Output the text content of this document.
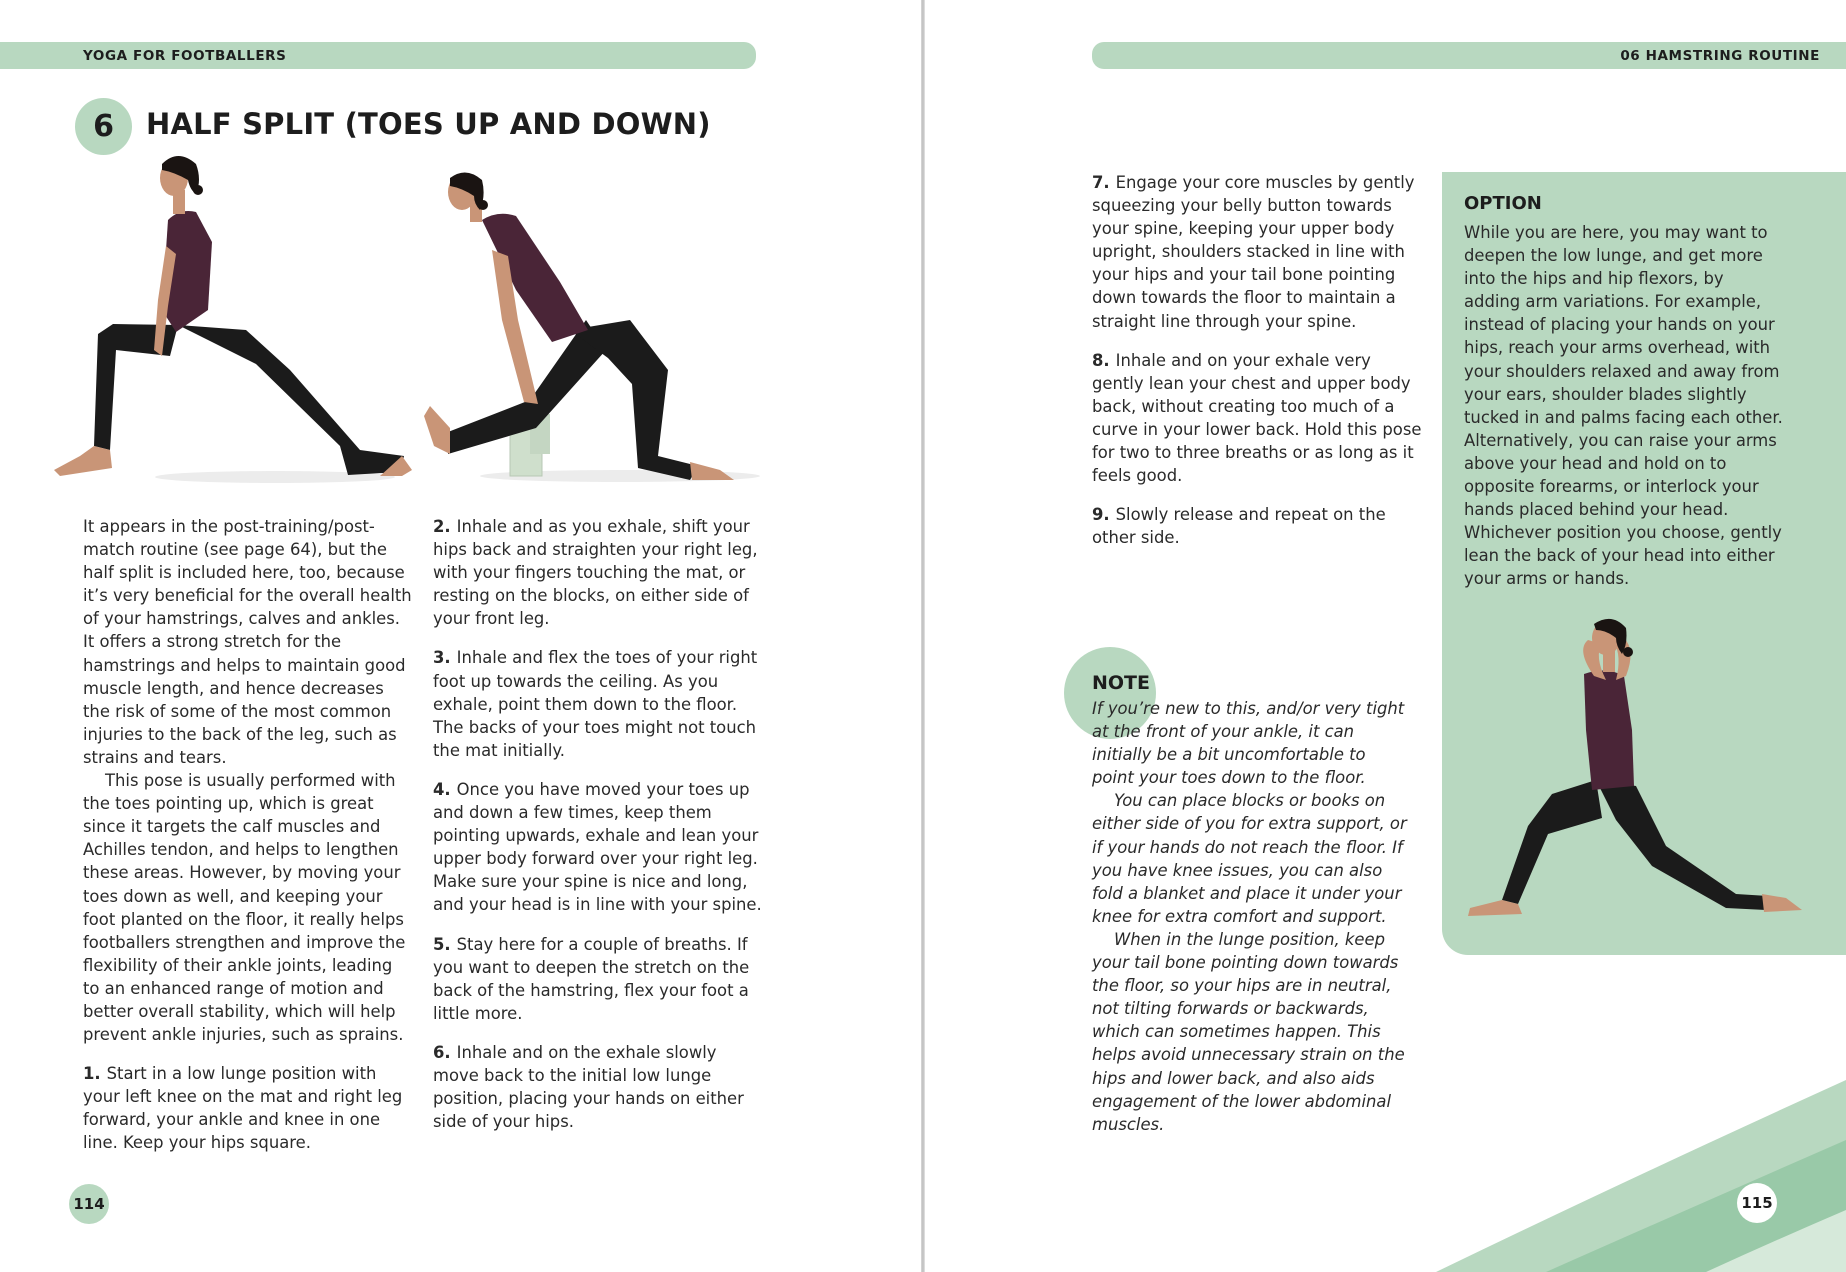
YOGA FOR FOOTBALLERS
6	HALF SPLIT (TOES UP AND DOWN)

It appears in the post-training/post-match routine (see page 64), but the half split is included here, too, because it’s very beneficial for the overall health of your hamstrings, calves and ankles. It offers a strong stretch for the hamstrings and helps to maintain good muscle length, and hence decreases the risk of some of the most common injuries to the back of the leg, such as strains and tears.

This pose is usually performed with the toes pointing up, which is great since it targets the calf muscles and Achilles tendon, and helps to lengthen these areas. However, by moving your toes down as well, and keeping your foot planted on the floor, it really helps footballers strengthen and improve the flexibility of their ankle joints, leading to an enhanced range of motion and better overall stability, which will help prevent ankle injuries, such as sprains.

1. Start in a low lunge position with your left knee on the mat and right leg forward, your ankle and knee in one line. Keep your hips square.

2. Inhale and as you exhale, shift your hips back and straighten your right leg, with your fingers touching the mat, or resting on the blocks, on either side of your front leg.

3. Inhale and flex the toes of your right foot up towards the ceiling. As you exhale, point them down to the floor. The backs of your toes might not touch the mat initially.

4. Once you have moved your toes up and down a few times, keep them pointing upwards, exhale and lean your upper body forward over your right leg. Make sure your spine is nice and long, and your head is in line with your spine.

5. Stay here for a couple of breaths. If you want to deepen the stretch on the back of the hamstring, flex your foot a little more.

6. Inhale and on the exhale slowly move back to the initial low lunge position, placing your hands on either side of your hips.

114
06 HAMSTRING ROUTINE

7. Engage your core muscles by gently squeezing your belly button towards your spine, keeping your upper body upright, shoulders stacked in line with your hips and your tail bone pointing down towards the floor to maintain a straight line through your spine.

8. Inhale and on your exhale very gently lean your chest and upper body back, without creating too much of a curve in your lower back. Hold this pose for two to three breaths or as long as it feels good.

9. Slowly release and repeat on the other side.

NOTE

If you’re new to this, and/or very tight at the front of your ankle, it can initially be a bit uncomfortable to point your toes down to the floor.

You can place blocks or books on either side of you for extra support, or if your hands do not reach the floor. If you have knee issues, you can also fold a blanket and place it under your knee for extra comfort and support.

When in the lunge position, keep your tail bone pointing down towards the floor, so your hips are in neutral, not tilting forwards or backwards, which can sometimes happen. This helps avoid unnecessary strain on the hips and lower back, and also aids engagement of the lower abdominal muscles.

OPTION

While you are here, you may want to deepen the low lunge, and get more into the hips and hip flexors, by adding arm variations. For example, instead of placing your hands on your hips, reach your arms overhead, with your shoulders relaxed and away from your ears, shoulder blades slightly tucked in and palms facing each other. Alternatively, you can raise your arms above your head and hold on to opposite forearms, or interlock your hands placed behind your head. Whichever position you choose, gently lean the back of your head into either your arms or hands.

115
